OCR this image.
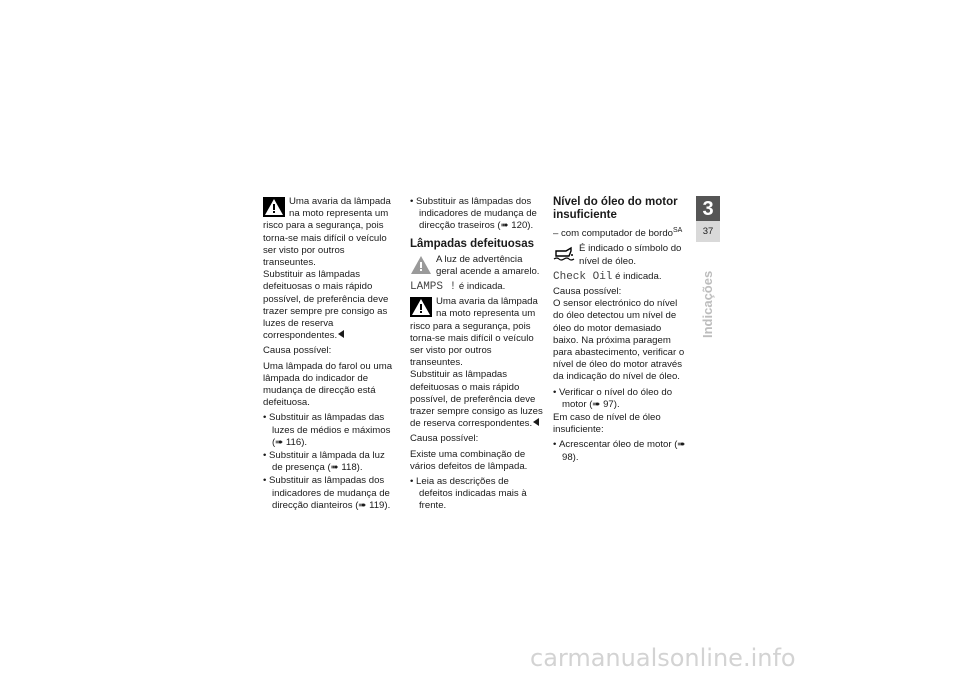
Uma avaria da lâmpada na moto representa um risco para a segurança, pois torna-se mais difícil o veículo ser visto por outros transeuntes.
Substituir as lâmpadas defeituosas o mais rápido possível, de preferência deve trazer sempre pre consigo as luzes de reserva correspondentes.
Causa possível:
Uma lâmpada do farol ou uma lâmpada do indicador de mudança de direcção está defeituosa.
• Substituir as lâmpadas das luzes de médios e máximos (➠ 116).
• Substituir a lâmpada da luz de presença (➠ 118).
• Substituir as lâmpadas dos indicadores de mudança de direcção dianteiros (➠ 119).
• Substituir as lâmpadas dos indicadores de mudança de direcção traseiros (➠ 120).
Lâmpadas defeituosas
A luz de advertência geral acende a amarelo.
LAMPS ! é indicada.
Uma avaria da lâmpada na moto representa um risco para a segurança, pois torna-se mais difícil o veículo ser visto por outros transeuntes.
Substituir as lâmpadas defeituosas o mais rápido possível, de preferência deve trazer sempre consigo as luzes de reserva correspondentes.
Causa possível:
Existe uma combinação de vários defeitos de lâmpada.
• Leia as descrições de defeitos indicadas mais à frente.
Nível do óleo do motor insuficiente
– com computador de bordo$^{SA}$
É indicado o símbolo do nível de óleo.
Check Oil é indicada.
Causa possível:
O sensor electrónico do nível do óleo detectou um nível de óleo do motor demasiado baixo. Na próxima paragem para abastecimento, verificar o nível de óleo do motor através da indicação do nível de óleo.
• Verificar o nível do óleo do motor (➠ 97).
Em caso de nível de óleo insuficiente:
• Acrescentar óleo de motor (➠ 98).
3
37
Indicações
carmanualsonline.info
